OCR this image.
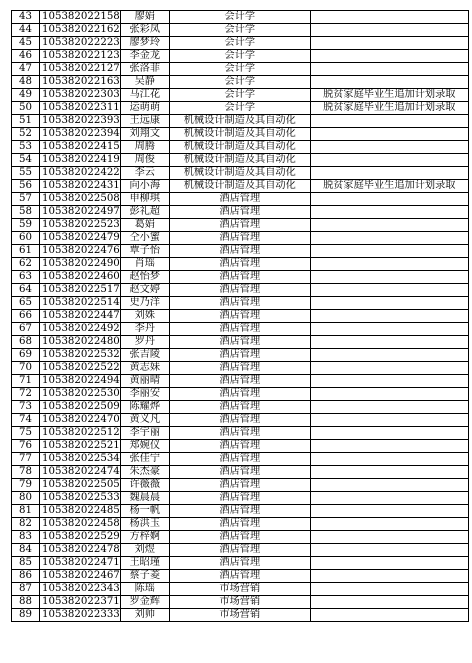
43	105382022158	廖娟	会计学	
44	105382022162	张彩凤	会计学	
45	105382022223	廖梦玲	会计学	
46	105382022123	李金龙	会计学	
47	105382022127	张洛菲	会计学	
48	105382022163	吴静	会计学	
49	105382022303	马江花	会计学	脱贫家庭毕业生追加计划录取
50	105382022311	运萌萌	会计学	脱贫家庭毕业生追加计划录取
51	105382022393	王远康	机械设计制造及其自动化	
52	105382022394	刘翔文	机械设计制造及其自动化	
53	105382022415	周腾	机械设计制造及其自动化	
54	105382022419	周俊	机械设计制造及其自动化	
55	105382022422	李云	机械设计制造及其自动化	
56	105382022431	向小海	机械设计制造及其自动化	脱贫家庭毕业生追加计划录取
57	105382022508	申柳琪	酒店管理	
58	105382022497	彭礼超	酒店管理	
59	105382022523	葛娟	酒店管理	
60	105382022479	仝小蜜	酒店管理	
61	105382022476	覃子怡	酒店管理	
62	105382022490	肖瑶	酒店管理	
63	105382022460	赵怡梦	酒店管理	
64	105382022517	赵文婷	酒店管理	
65	105382022514	史乃洋	酒店管理	
66	105382022447	刘姝	酒店管理	
67	105382022492	李丹	酒店管理	
68	105382022480	罗丹	酒店管理	
69	105382022532	张吉陵	酒店管理	
70	105382022522	黄志妹	酒店管理	
71	105382022494	黄丽晴	酒店管理	
72	105382022530	李丽安	酒店管理	
73	105382022509	陈耀烨	酒店管理	
74	105382022470	黄义凡	酒店管理	
75	105382022512	李宇丽	酒店管理	
76	105382022521	郑婉仪	酒店管理	
77	105382022534	张佳宁	酒店管理	
78	105382022474	朱杰豪	酒店管理	
79	105382022505	许薇薇	酒店管理	
80	105382022533	魏晨晨	酒店管理	
81	105382022485	杨一帆	酒店管理	
82	105382022458	杨洪玉	酒店管理	
83	105382022529	方梓婀	酒店管理	
84	105382022478	刘煜	酒店管理	
85	105382022471	王昭瑾	酒店管理	
86	105382022467	蔡子菱	酒店管理	
87	105382022343	陈瑶	市场营销	
88	105382022371	罗金辉	市场营销	
89	105382022333	刘帅	市场营销	
